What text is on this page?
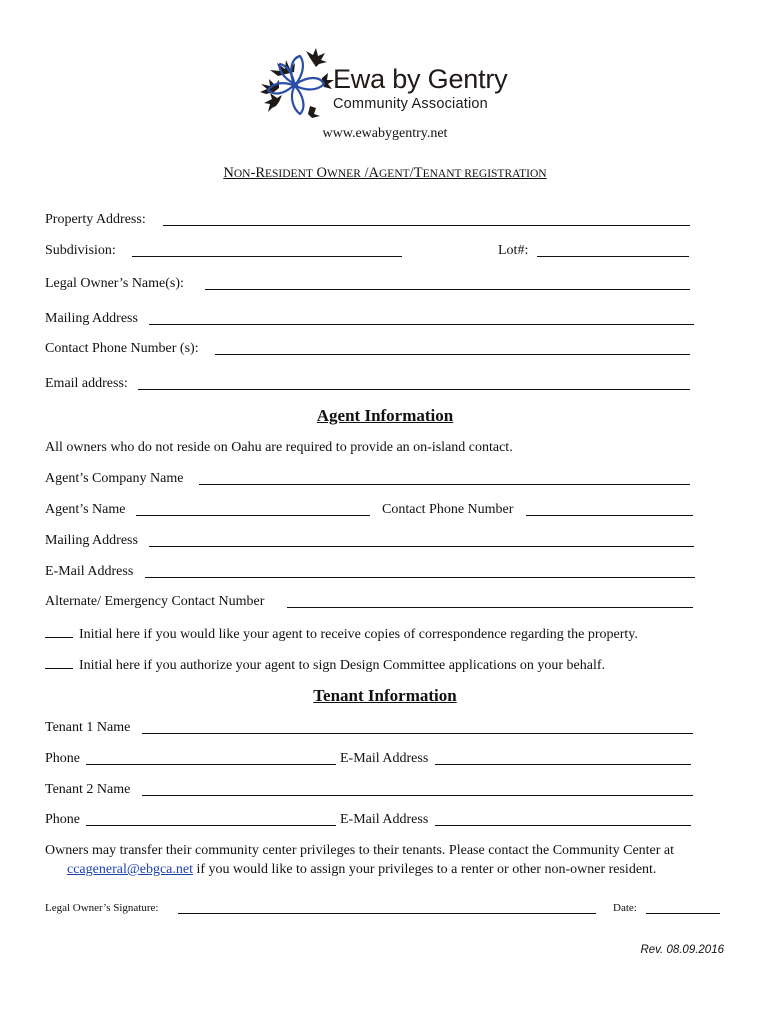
Ewa by Gentry
Community Association
www.ewabygentry.net
NON-RESIDENT OWNER /AGENT/TENANT REGISTRATION
Property Address:
Subdivision:	Lot#:
Legal Owner’s Name(s):
Mailing Address
Contact Phone Number (s):
Email address:
Agent Information
All owners who do not reside on Oahu are required to provide an on-island contact.
Agent’s Company Name
Agent’s Name	Contact Phone Number
Mailing Address
E-Mail Address
Alternate/ Emergency Contact Number
Initial here if you would like your agent to receive copies of correspondence regarding the property.
Initial here if you authorize your agent to sign Design Committee applications on your behalf.
Tenant Information
Tenant 1 Name
Phone	E-Mail Address
Tenant 2 Name
Phone	E-Mail Address
Owners may transfer their community center privileges to their tenants. Please contact the Community Center at
ccageneral@ebgca.net if you would like to assign your privileges to a renter or other non-owner resident.
Legal Owner’s Signature:	Date:
Rev. 08.09.2016
